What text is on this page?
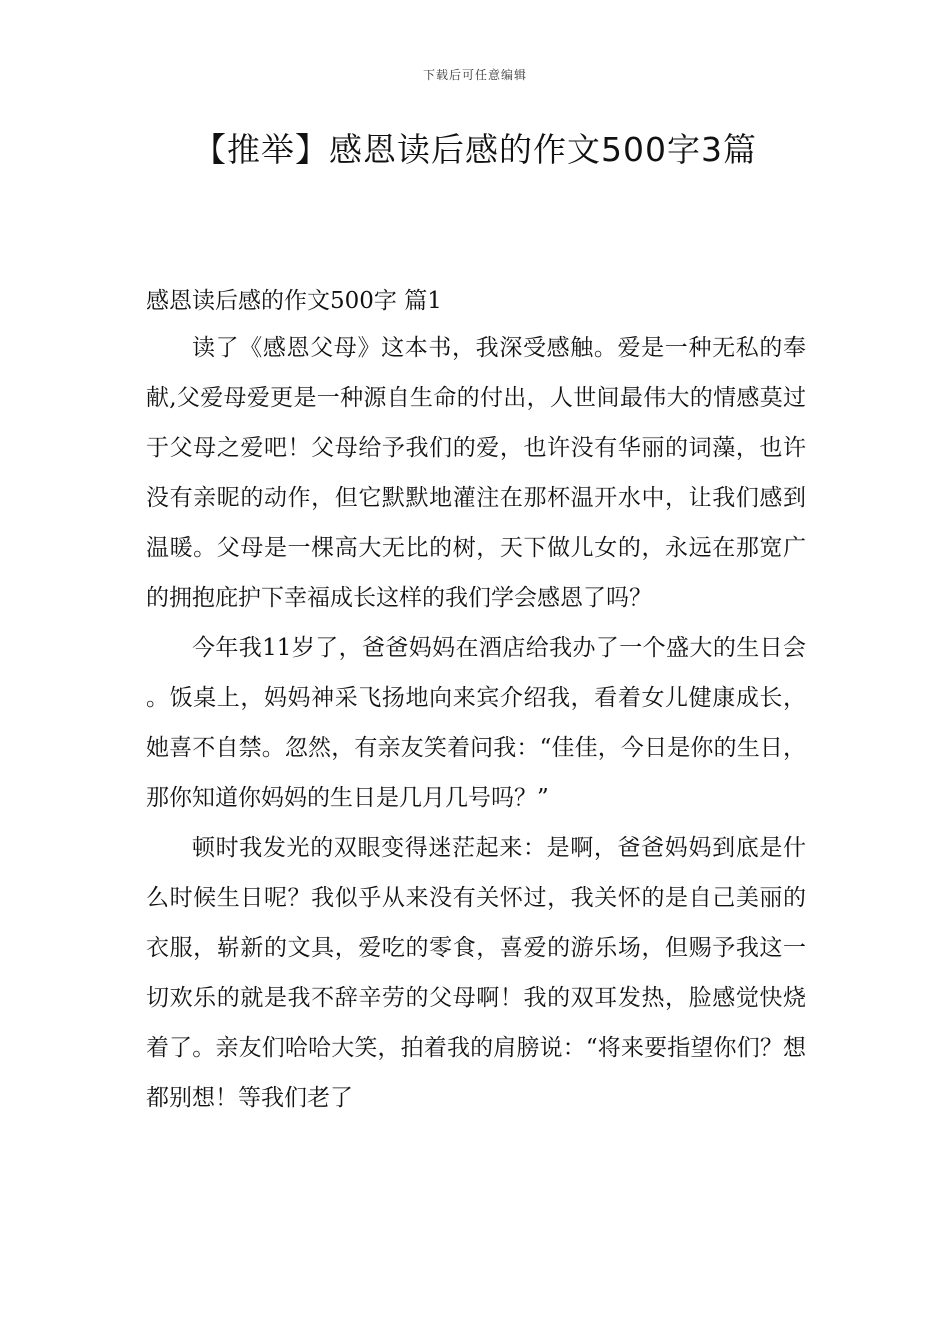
下载后可任意编辑
【推举】感恩读后感的作文500字3篇
感恩读后感的作文500字 篇1

读了《感恩父母》这本书，我深受感触。爱是一种无私的奉献,父爱母爱更是一种源自生命的付出，人世间最伟大的情感莫过于父母之爱吧！父母给予我们的爱，也许没有华丽的词藻，也许没有亲昵的动作，但它默默地灌注在那杯温开水中，让我们感到温暖。父母是一棵高大无比的树，天下做儿女的，永远在那宽广的拥抱庇护下幸福成长这样的我们学会感恩了吗？

今年我11岁了，爸爸妈妈在酒店给我办了一个盛大的生日会。饭桌上，妈妈神采飞扬地向来宾介绍我，看着女儿健康成长，她喜不自禁。忽然，有亲友笑着问我：“佳佳，今日是你的生日，那你知道你妈妈的生日是几月几号吗？”

顿时我发光的双眼变得迷茫起来：是啊，爸爸妈妈到底是什么时候生日呢？我似乎从来没有关怀过，我关怀的是自己美丽的衣服，崭新的文具，爱吃的零食，喜爱的游乐场，但赐予我这一切欢乐的就是我不辞辛劳的父母啊！我的双耳发热，脸感觉快烧着了。亲友们哈哈大笑，拍着我的肩膀说：“将来要指望你们？想都别想！等我们老了
